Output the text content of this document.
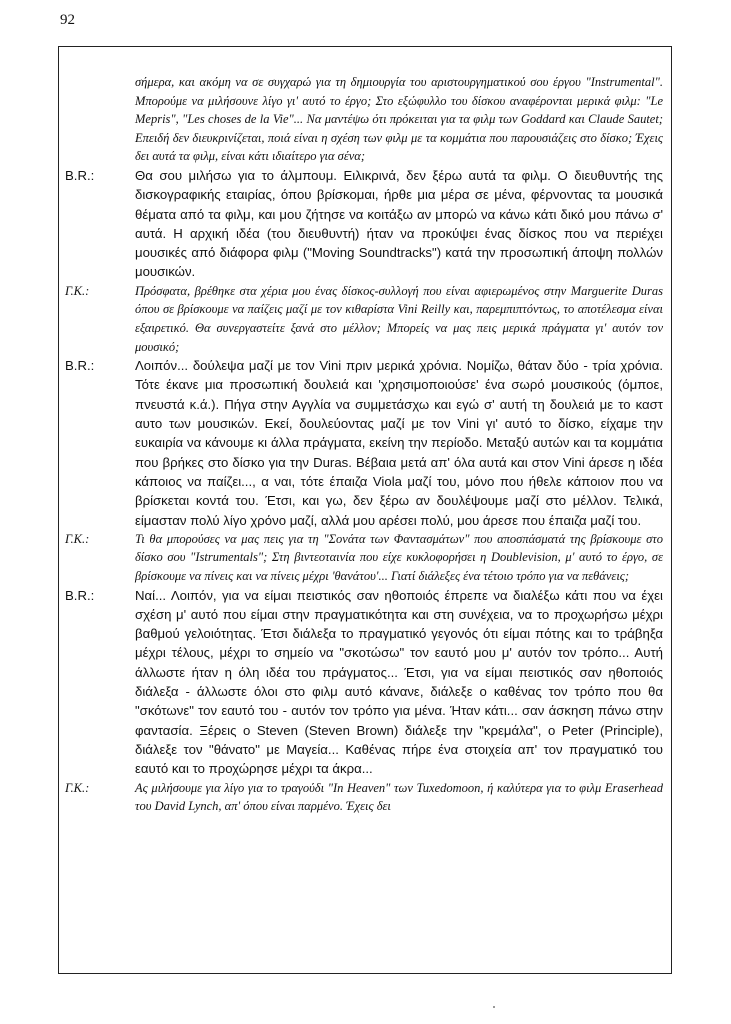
92
σήμερα, και ακόμη να σε συγχαρώ για τη δημιουργία του αριστουργηματικού σου έργου "Instrumental". Μπορούμε να μιλήσουνε λίγο γι' αυτό το έργο; Στο εξώφυλλο του δίσκου αναφέρονται μερικά φιλμ: "Le Mepris", "Les choses de la Vie"... Να μαντέψω ότι πρόκειται για τα φιλμ των Goddard και Claude Sautet; Επειδή δεν διευκρινίζεται, ποιά είναι η σχέση των φιλμ με τα κομμάτια που παρουσιάζεις στο δίσκο; Έχεις δει αυτά τα φιλμ, είναι κάτι ιδιαίτερο για σένα;
B.R.:	Θα σου μιλήσω για το άλμπουμ. Ειλικρινά, δεν ξέρω αυτά τα φιλμ. Ο διευθυντής της δισκογραφικής εταιρίας, όπου βρίσκομαι, ήρθε μια μέρα σε μένα, φέρνοντας τα μουσικά θέματα από τα φιλμ, και μου ζήτησε να κοιτάξω αν μπορώ να κάνω κάτι δικό μου πάνω σ' αυτά. Η αρχική ιδέα (του διευθυντή) ήταν να προκύψει ένας δίσκος που να περιέχει μουσικές από διάφορα φιλμ ("Moving Soundtracks") κατά την προσωπική άποψη πολλών μουσικών.
Γ.Κ.:	Πρόσφατα, βρέθηκε στα χέρια μου ένας δίσκος-συλλογή που είναι αφιερωμένος στην Marguerite Duras όπου σε βρίσκουμε να παίζεις μαζί με τον κιθαρίστα Vini Reilly και, παρεμπιπτόντως, το αποτέλεσμα είναι εξαιρετικό. Θα συνεργαστείτε ξανά στο μέλλον; Μπορείς να μας πεις μερικά πράγματα γι' αυτόν τον μουσικό;
B.R.:	Λοιπόν... δούλεψα μαζί με τον Vini πριν μερικά χρόνια. Νομίζω, θάταν δύο - τρία χρόνια. Τότε έκανε μια προσωπική δουλειά και 'χρησιμοποιούσε' ένα σωρό μουσικούς (όμποε, πνευστά κ.ά.). Πήγα στην Αγγλία να συμμετάσχω και εγώ σ' αυτή τη δουλειά με το καστ αυτο των μουσικών. Εκεί, δουλεύοντας μαζί με τον Vini γι' αυτό το δίσκο, είχαμε την ευκαιρία να κάνουμε κι άλλα πράγματα, εκείνη την περίοδο. Μεταξύ αυτών και τα κομμάτια που βρήκες στο δίσκο για την Duras. Βέβαια μετά απ' όλα αυτά και στον Vini άρεσε η ιδέα κάποιος να παίζει..., α ναι, τότε έπαιζα Viola μαζί του, μόνο που ήθελε κάποιον που να βρίσκεται κοντά του. Έτσι, και γω, δεν ξέρω αν δουλέψουμε μαζί στο μέλλον. Τελικά, είμασταν πολύ λίγο χρόνο μαζί, αλλά μου αρέσει πολύ, μου άρεσε που έπαιζα μαζί του.
Γ.Κ.:	Τι θα μπορούσες να μας πεις για τη "Σονάτα των Φαντασμάτων" που αποσπάσματά της βρίσκουμε στο δίσκο σου "Istrumentals"; Στη βιντεοταινία που είχε κυκλοφορήσει η Doublevision, μ' αυτό το έργο, σε βρίσκουμε να πίνεις και να πίνεις μέχρι 'θανάτου'... Γιατί διάλεξες ένα τέτοιο τρόπο για να πεθάνεις;
B.R.:	Ναί... Λοιπόν, για να είμαι πειστικός σαν ηθοποιός έπρεπε να διαλέξω κάτι που να έχει σχέση μ' αυτό που είμαι στην πραγματικότητα και στη συνέχεια, να το προχωρήσω μέχρι βαθμού γελοιότητας. Έτσι διάλεξα το πραγματικό γεγονός ότι είμαι πότης και το τράβηξα μέχρι τέλους, μέχρι το σημείο να "σκοτώσω" τον εαυτό μου μ' αυτόν τον τρόπο... Αυτή άλλωστε ήταν η όλη ιδέα του πράγματος... Έτσι, για να είμαι πειστικός σαν ηθοποιός διάλεξα - άλλωστε όλοι στο φιλμ αυτό κάνανε, διάλεξε ο καθένας τον τρόπο που θα "σκότωνε" τον εαυτό του - αυτόν τον τρόπο για μένα. Ήταν κάτι... σαν άσκηση πάνω στην φαντασία. Ξέρεις ο Steven (Steven Brown) διάλεξε την "κρεμάλα", ο Peter (Principle), διάλεξε τον "θάνατο" με Μαγεία... Καθένας πήρε ένα στοιχεία απ' τον πραγματικό του εαυτό και το προχώρησε μέχρι τα άκρα...
Γ.Κ.:	Ας μιλήσουμε για λίγο για το τραγούδι "In Heaven" των Tuxedomoon, ή καλύτερα για το φιλμ Eraserhead του David Lynch, απ' όπου είναι παρμένο. Έχεις δει
